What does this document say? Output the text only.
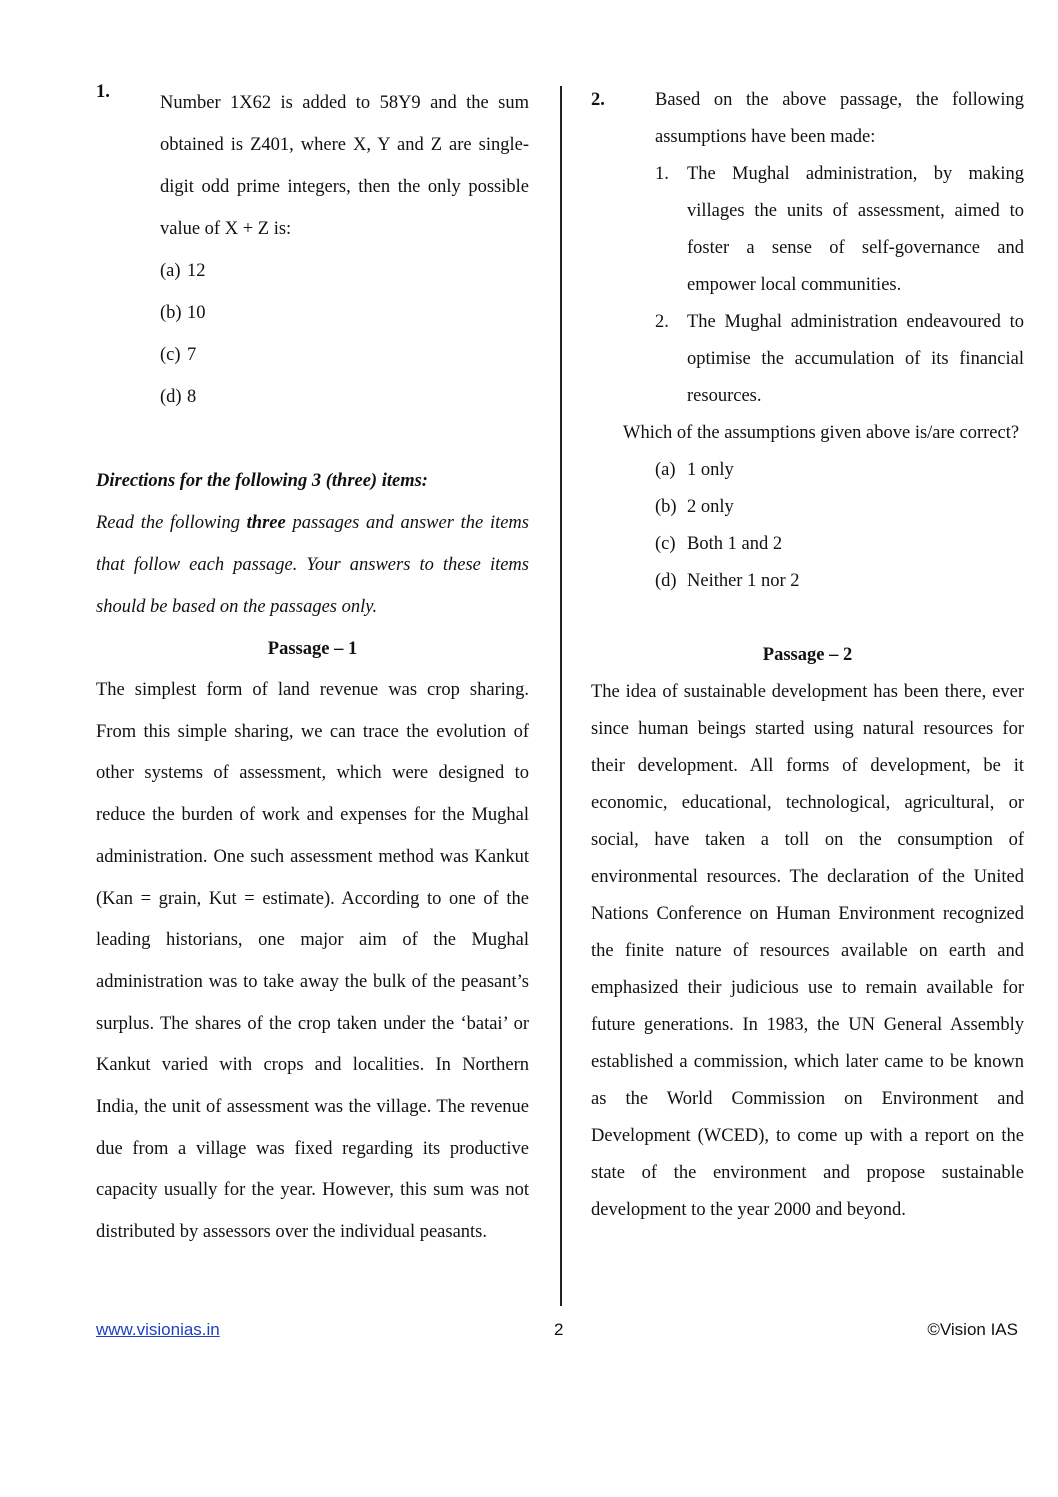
1.
Number 1X62 is added to 58Y9 and the sum obtained is Z401, where X, Y and Z are single-digit odd prime integers, then the only possible value of X + Z is:
(a) 12
(b) 10
(c) 7
(d) 8
Directions for the following 3 (three) items:
Read the following three passages and answer the items that follow each passage. Your answers to these items should be based on the passages only.
Passage – 1
The simplest form of land revenue was crop sharing. From this simple sharing, we can trace the evolution of other systems of assessment, which were designed to reduce the burden of work and expenses for the Mughal administration. One such assessment method was Kankut (Kan = grain, Kut = estimate). According to one of the leading historians, one major aim of the Mughal administration was to take away the bulk of the peasant’s surplus. The shares of the crop taken under the ‘batai’ or Kankut varied with crops and localities. In Northern India, the unit of assessment was the village. The revenue due from a village was fixed regarding its productive capacity usually for the year. However, this sum was not distributed by assessors over the individual peasants.
2.	Based on the above passage, the following assumptions have been made:
1. The Mughal administration, by making villages the units of assessment, aimed to foster a sense of self-governance and empower local communities.
2. The Mughal administration endeavoured to optimise the accumulation of its financial resources.
Which of the assumptions given above is/are correct?
(a) 1 only
(b) 2 only
(c) Both 1 and 2
(d) Neither 1 nor 2
Passage – 2
The idea of sustainable development has been there, ever since human beings started using natural resources for their development. All forms of development, be it economic, educational, technological, agricultural, or social, have taken a toll on the consumption of environmental resources. The declaration of the United Nations Conference on Human Environment recognized the finite nature of resources available on earth and emphasized their judicious use to remain available for future generations. In 1983, the UN General Assembly established a commission, which later came to be known as the World Commission on Environment and Development (WCED), to come up with a report on the state of the environment and propose sustainable development to the year 2000 and beyond.
www.visionias.in	2	©Vision IAS
